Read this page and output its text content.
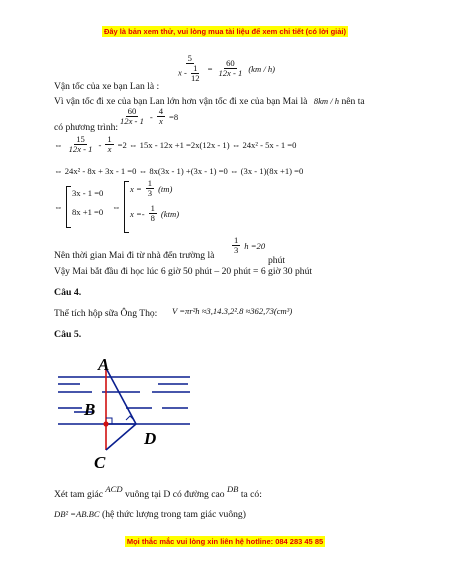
Đây là bản xem thử, vui lòng mua tài liệu để xem chi tiết (có lời giải)
$\frac{5}{x - \frac{1}{12}} = \frac{60}{12x - 1} (km / h)$
Vận tốc của xe bạn Lan là :
Vì vận tốc đi xe của bạn Lan lớn hơn vận tốc đi xe của bạn Mai là 8km / h nên ta
có phương trình:
$\frac{60}{12x - 1} - \frac{4}{x} =8$
⇔ $\frac{15}{12x - 1} - \frac{1}{x} =2$ ⇔ 15x - 12x +1 =2x(12x - 1) ⇔ 24x² - 5x - 1 =0
⇔ 24x² - 8x + 3x - 1 =0 ⇔ 8x(3x - 1) +(3x - 1) =0 ⇔ (3x - 1)(8x +1) =0
⇔
3x - 1 =0
8x +1 =0 ⇔
$x = \frac{1}{3} (tm)$
$x =- \frac{1}{8} (ktm)$
Nên thời gian Mai đi từ nhà đến trường là
$\frac{1}{3}$ h =20
phút
Vậy Mai bắt đầu đi học lúc 6 giờ 50 phút – 20 phút = 6 giờ 30 phút
Câu 4.
Thể tích hộp sữa Ông Thọ: V =πr²h ≈3,14.3,2².8 ≈362,73(cm³)
Câu 5.
A
B
D
C
Xét tam giác ACD vuông tại D có đường cao DB ta có:
DB² =AB.BC (hệ thức lượng trong tam giác vuông)
Mọi thắc mắc vui lòng xin liên hệ hotline: 084 283 45 85
